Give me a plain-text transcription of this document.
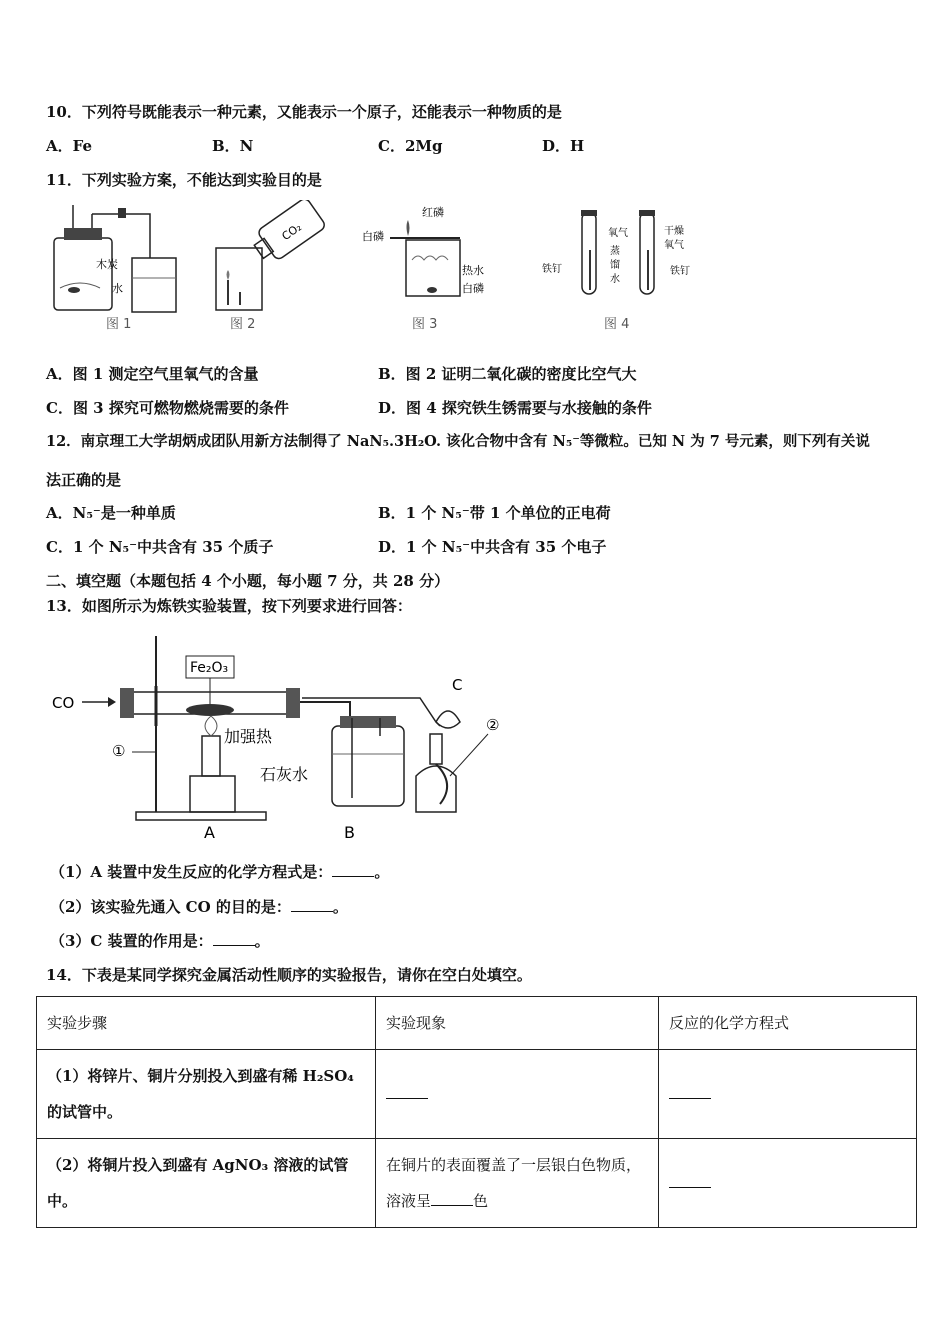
10．下列符号既能表示一种元素，又能表示一个原子，还能表示一种物质的是
A．Fe	B．N	C．2Mg	D．H
11．下列实验方案，不能达到实验目的是
木炭
水
图 1
CO₂
图 2
红磷
白磷
热水
白磷
图 3
氧气
蒸
馏
水
铁钉
干燥
氧气
铁钉
图 4
A．图 1 测定空气里氧气的含量	B．图 2 证明二氧化碳的密度比空气大
C．图 3 探究可燃物燃烧需要的条件	D．图 4 探究铁生锈需要与水接触的条件
12．南京理工大学胡炳成团队用新方法制得了 NaN₅.3H₂O. 该化合物中含有 N₅⁻等微粒。已知 N 为 7 号元素，则下列有关说
法正确的是
A．N₅⁻是一种单质	B．1 个 N₅⁻带 1 个单位的正电荷
C．1 个 N₅⁻中共含有 35 个质子	D．1 个 N₅⁻中共含有 35 个电子
二、填空题（本题包括 4 个小题，每小题 7 分，共 28 分）
13．如图所示为炼铁实验装置，按下列要求进行回答：
CO
Fe₂O₃
①
加强热
石灰水
C
②
A	B
（1）A 装置中发生反应的化学方程式是：	。
（2）该实验先通入 CO 的目的是：	。
（3）C 装置的作用是：	。
14．下表是某同学探究金属活动性顺序的实验报告，请你在空白处填空。
实验步骤	实验现象	反应的化学方程式
（1）将锌片、铜片分别投入到盛有稀 H₂SO₄ 的试管中。		
（2）将铜片投入到盛有 AgNO₃ 溶液的试管中。	在铜片的表面覆盖了一层银白色物质，溶液呈 色	
